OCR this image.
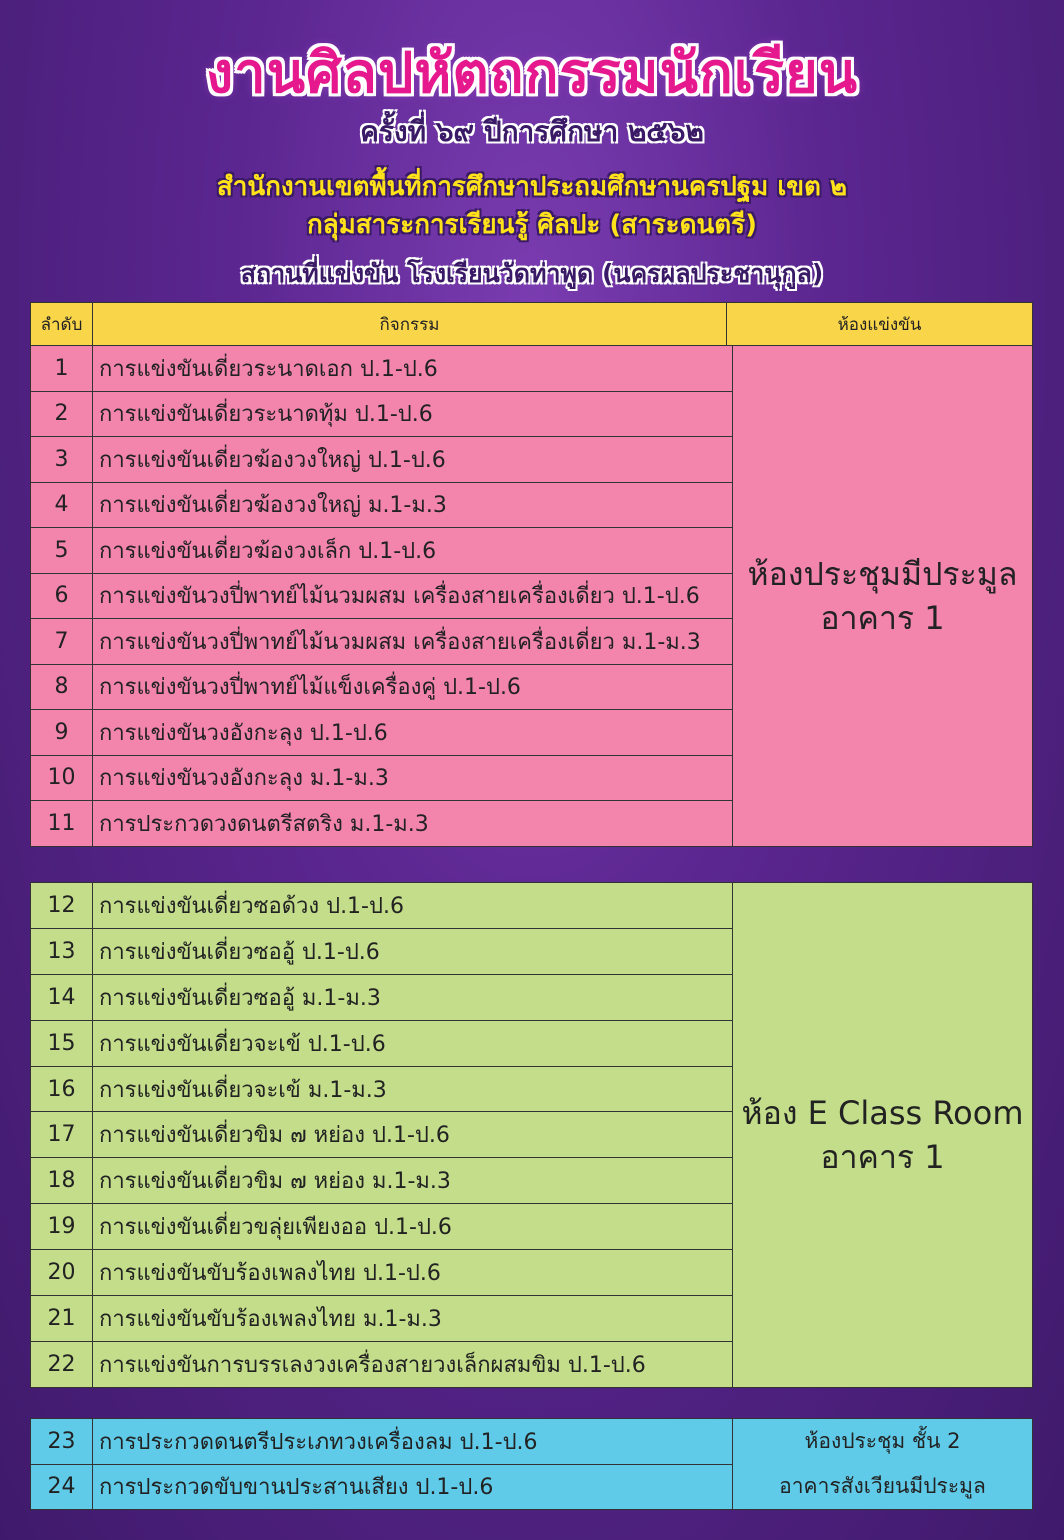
งานศิลปหัตถกรรมนักเรียน
ครั้งที่ ๖๙ ปีการศึกษา ๒๕๖๒
สำนักงานเขตพื้นที่การศึกษาประถมศึกษานครปฐม เขต ๒
กลุ่มสาระการเรียนรู้ ศิลปะ (สาระดนตรี)
สถานที่แข่งขัน โรงเรียนวัดท่าพูด (นครผลประชานุกูล)
ลำดับ	กิจกรรม	ห้องแข่งขัน
1	การแข่งขันเดี่ยวระนาดเอก ป.1-ป.6	ห้องประชุมมีประมูล
อาคาร 1

2	การแข่งขันเดี่ยวระนาดทุ้ม ป.1-ป.6	
3	การแข่งขันเดี่ยวฆ้องวงใหญ่ ป.1-ป.6	
4	การแข่งขันเดี่ยวฆ้องวงใหญ่ ม.1-ม.3	
5	การแข่งขันเดี่ยวฆ้องวงเล็ก ป.1-ป.6	
6	การแข่งขันวงปี่พาทย์ไม้นวมผสม เครื่องสายเครื่องเดี่ยว ป.1-ป.6	
7	การแข่งขันวงปี่พาทย์ไม้นวมผสม เครื่องสายเครื่องเดี่ยว ม.1-ม.3	
8	การแข่งขันวงปี่พาทย์ไม้แข็งเครื่องคู่ ป.1-ป.6	
9	การแข่งขันวงอังกะลุง ป.1-ป.6	
10	การแข่งขันวงอังกะลุง ม.1-ม.3	
11	การประกวดวงดนตรีสตริง ม.1-ม.3	
12	การแข่งขันเดี่ยวซอด้วง ป.1-ป.6	ห้อง E Class Room
อาคาร 1

13	การแข่งขันเดี่ยวซออู้ ป.1-ป.6	
14	การแข่งขันเดี่ยวซออู้ ม.1-ม.3	
15	การแข่งขันเดี่ยวจะเข้ ป.1-ป.6	
16	การแข่งขันเดี่ยวจะเข้ ม.1-ม.3	
17	การแข่งขันเดี่ยวขิม ๗ หย่อง ป.1-ป.6	
18	การแข่งขันเดี่ยวขิม ๗ หย่อง ม.1-ม.3	
19	การแข่งขันเดี่ยวขลุ่ยเพียงออ ป.1-ป.6	
20	การแข่งขันขับร้องเพลงไทย ป.1-ป.6	
21	การแข่งขันขับร้องเพลงไทย ม.1-ม.3	
22	การแข่งขันการบรรเลงวงเครื่องสายวงเล็กผสมขิม ป.1-ป.6	
23	การประกวดดนตรีประเภทวงเครื่องลม ป.1-ป.6	ห้องประชุม ชั้น 2
อาคารสังเวียนมีประมูล

24	การประกวดขับขานประสานเสียง ป.1-ป.6	
